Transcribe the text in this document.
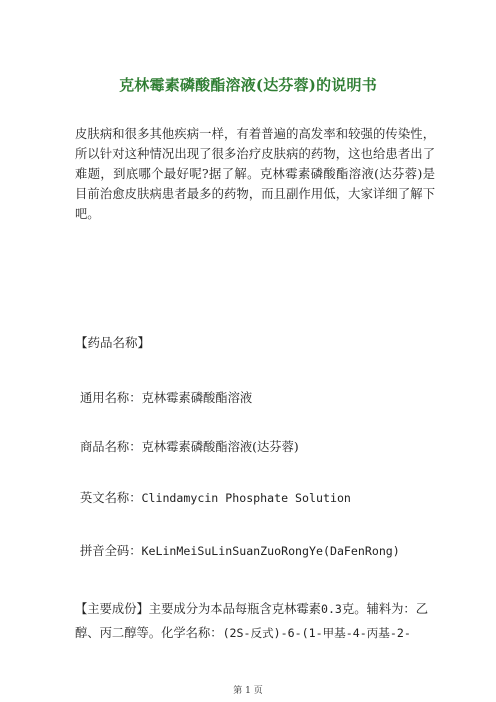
克林霉素磷酸酯溶液(达芬蓉)的说明书
皮肤病和很多其他疾病一样，有着普遍的高发率和较强的传染性，所以针对这种情况出现了很多治疗皮肤病的药物，这也给患者出了难题，到底哪个最好呢?据了解。克林霉素磷酸酯溶液(达芬蓉)是目前治愈皮肤病患者最多的药物，而且副作用低，大家详细了解下吧。
【药品名称】
通用名称：克林霉素磷酸酯溶液
商品名称：克林霉素磷酸酯溶液(达芬蓉)
英文名称：Clindamycin Phosphate Solution
拼音全码：KeLinMeiSuLinSuanZuoRongYe(DaFenRong)
【主要成份】主要成分为本品每瓶含克林霉素0.3克。辅料为：乙醇、丙二醇等。化学名称：(2S-反式)-6-(1-甲基-4-丙基-2-
第 1 页
